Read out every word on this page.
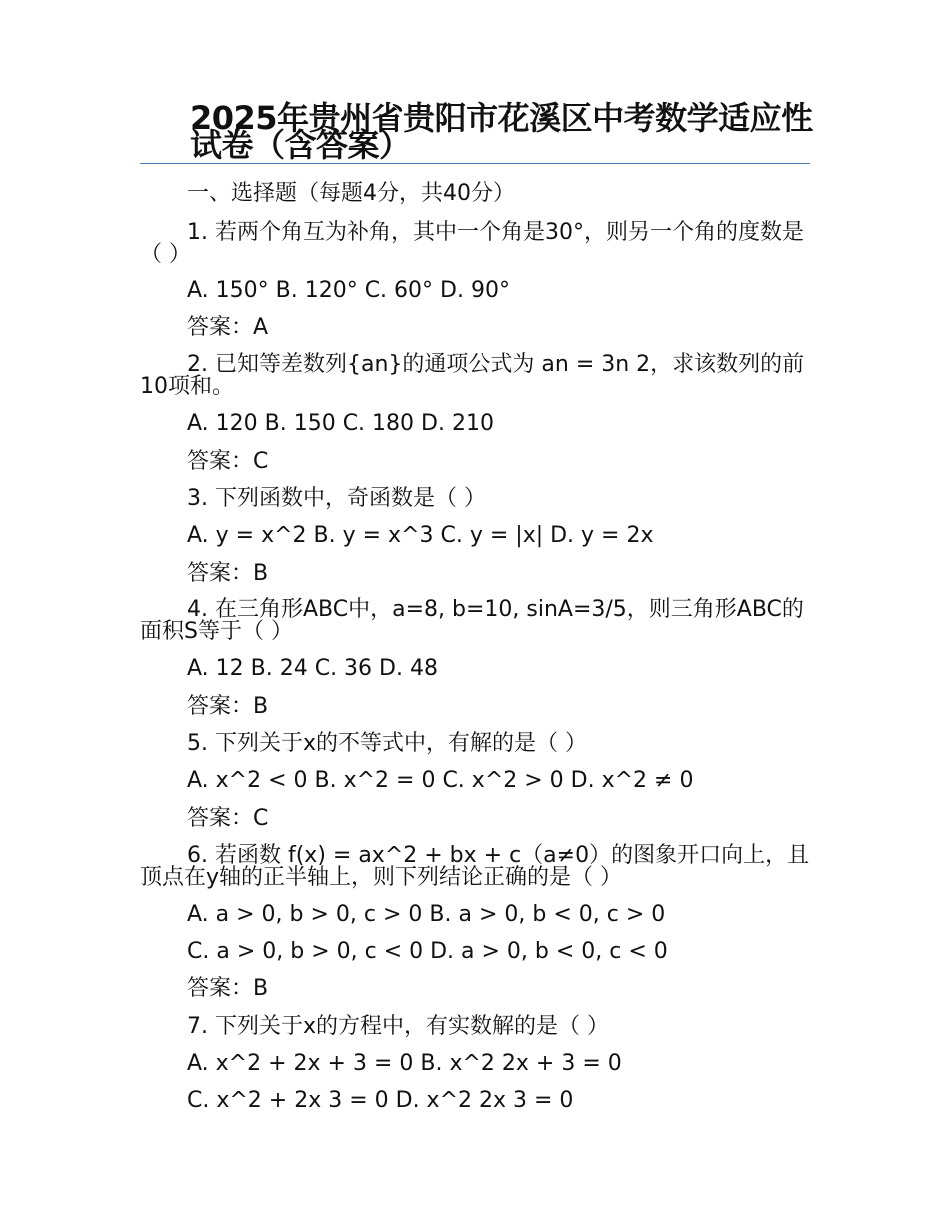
2025年贵州省贵阳市花溪区中考数学适应性试卷（含答案）

一、选择题（每题4分，共40分）

1. 若两个角互为补角，其中一个角是30°，则另一个角的度数是（ ）

A. 150° B. 120° C. 60° D. 90°

答案：A

2. 已知等差数列{an}的通项公式为 an = 3n 2，求该数列的前10项和。

A. 120 B. 150 C. 180 D. 210

答案：C

3. 下列函数中，奇函数是（ ）

A. y = x^2 B. y = x^3 C. y = |x| D. y = 2x

答案：B

4. 在三角形ABC中，a=8, b=10, sinA=3/5，则三角形ABC的面积S等于（ ）

A. 12 B. 24 C. 36 D. 48

答案：B

5. 下列关于x的不等式中，有解的是（ ）

A. x^2 < 0 B. x^2 = 0 C. x^2 > 0 D. x^2 ≠ 0

答案：C

6. 若函数 f(x) = ax^2 + bx + c（a≠0）的图象开口向上，且顶点在y轴的正半轴上，则下列结论正确的是（ ）

A. a > 0, b > 0, c > 0 B. a > 0, b < 0, c > 0

C. a > 0, b > 0, c < 0 D. a > 0, b < 0, c < 0

答案：B

7. 下列关于x的方程中，有实数解的是（ ）

A. x^2 + 2x + 3 = 0 B. x^2 2x + 3 = 0

C. x^2 + 2x 3 = 0 D. x^2 2x 3 = 0
